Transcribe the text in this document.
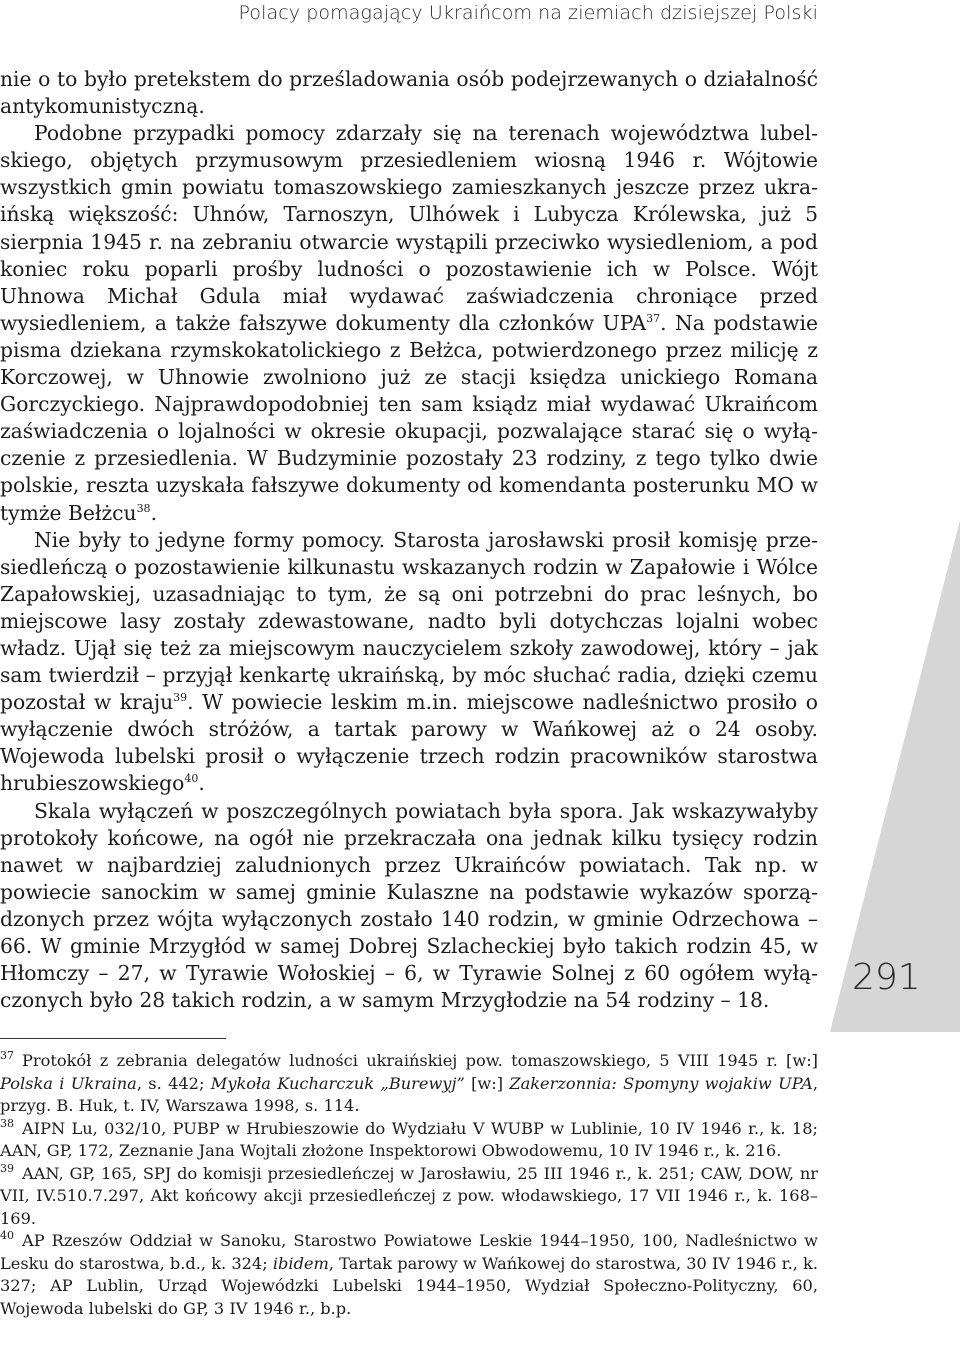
Polacy pomagający Ukraińcom na ziemiach dzisiejszej Polski
291

nie o to było pretekstem do prześladowania osób podejrzewanych o działalność antykomunistyczną.

Podobne przypadki pomocy zdarzały się na terenach województwa lubelskiego, objętych przymusowym przesiedleniem wiosną 1946 r. Wójtowie wszystkich gmin powiatu tomaszowskiego zamieszkanych jeszcze przez ukraińską większość: Uhnów, Tarnoszyn, Ulhówek i Lubycza Królewska, już 5 sierpnia 1945 r. na zebraniu otwarcie wystąpili przeciwko wysiedleniom, a pod koniec roku poparli prośby ludności o pozostawienie ich w Polsce. Wójt Uhnowa Michał Gdula miał wydawać zaświadczenia chroniące przed wysiedleniem, a także fałszywe dokumenty dla członków UPA$^{37}$. Na podstawie pisma dziekana rzymskokatolickiego z Bełżca, potwierdzonego przez milicję z Korczowej, w Uhnowie zwolniono już ze stacji księdza unickiego Romana Gorczyckiego. Najprawdopodobniej ten sam ksiądz miał wydawać Ukraińcom zaświadczenia o lojalności w okresie okupacji, pozwalające starać się o wyłączenie z przesiedlenia. W Budzyminie pozostały 23 rodziny, z tego tylko dwie polskie, reszta uzyskała fałszywe dokumenty od komendanta posterunku MO w tymże Bełżcu$^{38}$.

Nie były to jedyne formy pomocy. Starosta jarosławski prosił komisję przesiedleńczą o pozostawienie kilkunastu wskazanych rodzin w Zapałowie i Wólce Zapałowskiej, uzasadniając to tym, że są oni potrzebni do prac leśnych, bo miejscowe lasy zostały zdewastowane, nadto byli dotychczas lojalni wobec władz. Ujął się też za miejscowym nauczycielem szkoły zawodowej, który – jak sam twierdził – przyjął kenkartę ukraińską, by móc słuchać radia, dzięki czemu pozostał w kraju$^{39}$. W powiecie leskim m.in. miejscowe nadleśnictwo prosiło o wyłączenie dwóch stróżów, a tartak parowy w Wańkowej aż o 24 osoby. Wojewoda lubelski prosił o wyłączenie trzech rodzin pracowników starostwa hrubieszowskiego$^{40}$.

Skala wyłączeń w poszczególnych powiatach była spora. Jak wskazywałyby protokoły końcowe, na ogół nie przekraczała ona jednak kilku tysięcy rodzin nawet w najbardziej zaludnionych przez Ukraińców powiatach. Tak np. w powiecie sanockim w samej gminie Kulaszne na podstawie wykazów sporządzonych przez wójta wyłączonych zostało 140 rodzin, w gminie Odrzechowa – 66. W gminie Mrzygłód w samej Dobrej Szlacheckiej było takich rodzin 45, w Hłomczy – 27, w Tyrawie Wołoskiej – 6, w Tyrawie Solnej z 60 ogółem wyłączonych było 28 takich rodzin, a w samym Mrzygłodzie na 54 rodziny – 18.

$^{37}$ Protokół z zebrania delegatów ludności ukraińskiej pow. tomaszowskiego, 5 VIII 1945 r. [w:] Polska i Ukraina, s. 442; Mykoła Kucharczuk „Burewyj” [w:] Zakerzonnia: Spomyny wojakiw UPA, przyg. B. Huk, t. IV, Warszawa 1998, s. 114.

$^{38}$ AIPN Lu, 032/10, PUBP w Hrubieszowie do Wydziału V WUBP w Lublinie, 10 IV 1946 r., k. 18; AAN, GP, 172, Zeznanie Jana Wojtali złożone Inspektorowi Obwodowemu, 10 IV 1946 r., k. 216.

$^{39}$ AAN, GP, 165, SPJ do komisji przesiedleńczej w Jarosławiu, 25 III 1946 r., k. 251; CAW, DOW, nr VII, IV.510.7.297, Akt końcowy akcji przesiedleńczej z pow. włodawskiego, 17 VII 1946 r., k. 168–169.

$^{40}$ AP Rzeszów Oddział w Sanoku, Starostwo Powiatowe Leskie 1944–1950, 100, Nadleśnictwo w Lesku do starostwa, b.d., k. 324; ibidem, Tartak parowy w Wańkowej do starostwa, 30 IV 1946 r., k. 327; AP Lublin, Urząd Wojewódzki Lubelski 1944–1950, Wydział Społeczno-Polityczny, 60, Wojewoda lubelski do GP, 3 IV 1946 r., b.p.
